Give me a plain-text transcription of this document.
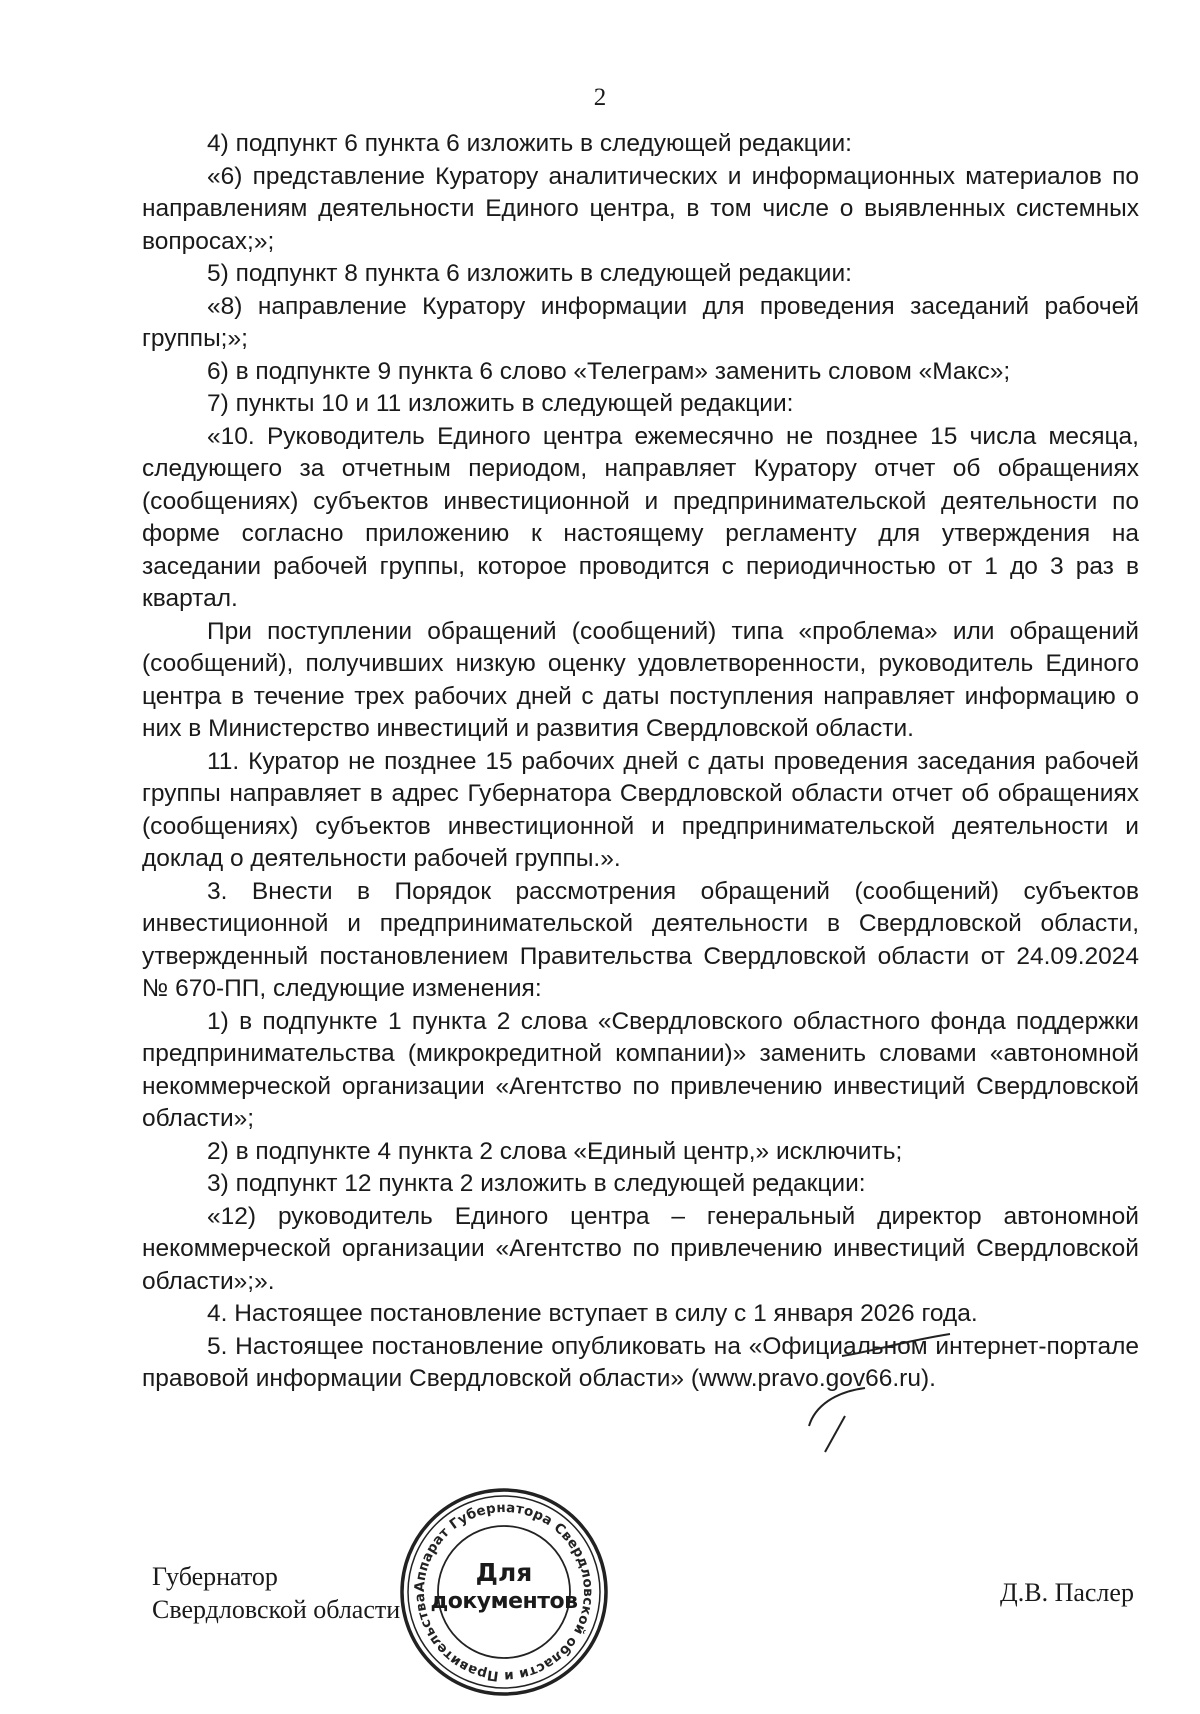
2

4) подпункт 6 пункта 6 изложить в следующей редакции:

«6) представление Куратору аналитических и информационных материалов по направлениям деятельности Единого центра, в том числе о выявленных системных вопросах;»;

5) подпункт 8 пункта 6 изложить в следующей редакции:

«8) направление Куратору информации для проведения заседаний рабочей группы;»;

6) в подпункте 9 пункта 6 слово «Телеграм» заменить словом «Макс»;

7) пункты 10 и 11 изложить в следующей редакции:

«10. Руководитель Единого центра ежемесячно не позднее 15 числа месяца, следующего за отчетным периодом, направляет Куратору отчет об обращениях (сообщениях) субъектов инвестиционной и предпринимательской деятельности по форме согласно приложению к настоящему регламенту для утверждения на заседании рабочей группы, которое проводится с периодичностью от 1 до 3 раз в квартал.

При поступлении обращений (сообщений) типа «проблема» или обращений (сообщений), получивших низкую оценку удовлетворенности, руководитель Единого центра в течение трех рабочих дней с даты поступления направляет информацию о них в Министерство инвестиций и развития Свердловской области.

11. Куратор не позднее 15 рабочих дней с даты проведения заседания рабочей группы направляет в адрес Губернатора Свердловской области отчет об обращениях (сообщениях) субъектов инвестиционной и предпринимательской деятельности и доклад о деятельности рабочей группы.».

3. Внести в Порядок рассмотрения обращений (сообщений) субъектов инвестиционной и предпринимательской деятельности в Свердловской области, утвержденный постановлением Правительства Свердловской области от 24.09.2024 № 670-ПП, следующие изменения:

1) в подпункте 1 пункта 2 слова «Свердловского областного фонда поддержки предпринимательства (микрокредитной компании)» заменить словами «автономной некоммерческой организации «Агентство по привлечению инвестиций Свердловской области»;

2) в подпункте 4 пункта 2 слова «Единый центр,» исключить;

3) подпункт 12 пункта 2 изложить в следующей редакции:

«12) руководитель Единого центра – генеральный директор автономной некоммерческой организации «Агентство по привлечению инвестиций Свердловской области»;».

4. Настоящее постановление вступает в силу с 1 января 2026 года.

5. Настоящее постановление опубликовать на «Официальном интернет-портале правовой информации Свердловской области» (www.pravo.gov66.ru).

Губернатор
Свердловской области
Аппарат Губернатора Свердловской области и Правительства
Для
документов	Д.В. Паслер
